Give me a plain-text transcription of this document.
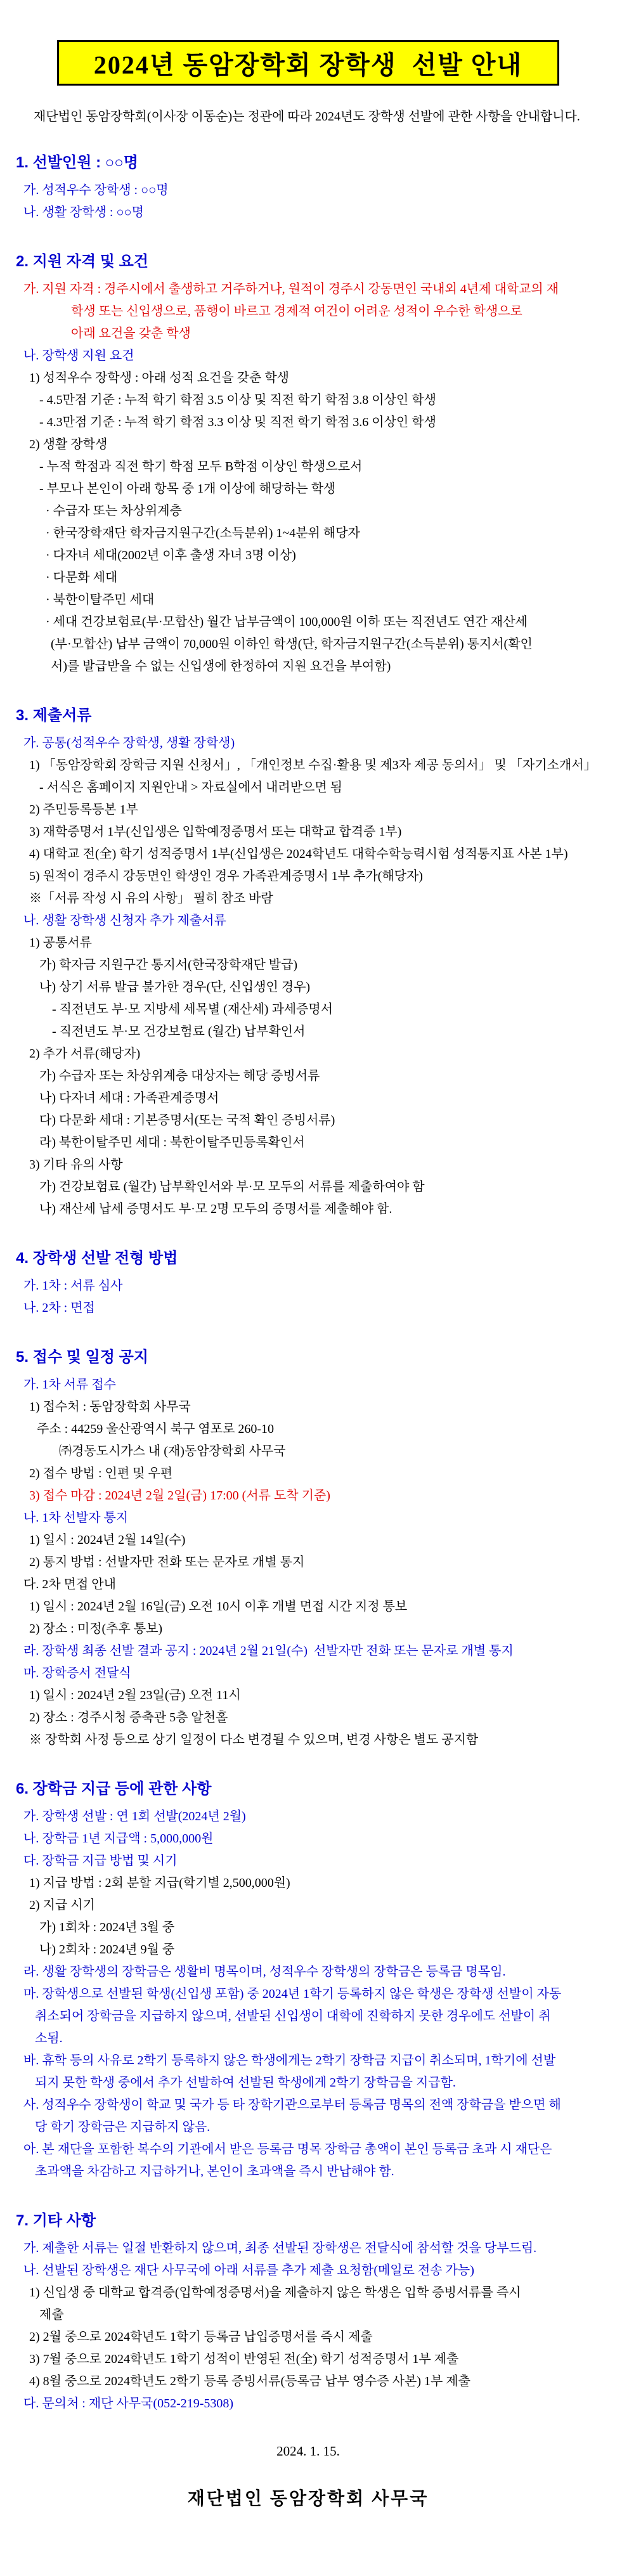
2024년 동암장학회 장학생  선발 안내
재단법인 동암장학회(이사장 이동순)는 정관에 따라 2024년도 장학생 선발에 관한 사항을 안내합니다.
1. 선발인원 : ○○명
가. 성적우수 장학생 : ○○명
나. 생활 장학생 : ○○명
2. 지원 자격 및 요건
가. 지원 자격 : 경주시에서 출생하고 거주하거나, 원적이 경주시 강동면인 국내외 4년제 대학교의 재
학생 또는 신입생으로, 품행이 바르고 경제적 여건이 어려운 성적이 우수한 학생으로
아래 요건을 갖춘 학생
나. 장학생 지원 요건
1) 성적우수 장학생 : 아래 성적 요건을 갖춘 학생
- 4.5만점 기준 : 누적 학기 학점 3.5 이상 및 직전 학기 학점 3.8 이상인 학생
- 4.3만점 기준 : 누적 학기 학점 3.3 이상 및 직전 학기 학점 3.6 이상인 학생
2) 생활 장학생
- 누적 학점과 직전 학기 학점 모두 B학점 이상인 학생으로서
- 부모나 본인이 아래 항목 중 1개 이상에 해당하는 학생
· 수급자 또는 차상위계층
· 한국장학재단 학자금지원구간(소득분위) 1~4분위 해당자
· 다자녀 세대(2002년 이후 출생 자녀 3명 이상)
· 다문화 세대
· 북한이탈주민 세대
· 세대 건강보험료(부·모합산) 월간 납부금액이 100,000원 이하 또는 직전년도 연간 재산세
(부·모합산) 납부 금액이 70,000원 이하인 학생(단, 학자금지원구간(소득분위) 통지서(확인
서)를 발급받을 수 없는 신입생에 한정하여 지원 요건을 부여함)
3. 제출서류
가. 공통(성적우수 장학생, 생활 장학생)
1) 「동암장학회 장학금 지원 신청서」, 「개인정보 수집·활용 및 제3자 제공 동의서」 및 「자기소개서」
- 서식은 홈페이지 지원안내 > 자료실에서 내려받으면 됨
2) 주민등록등본 1부
3) 재학증명서 1부(신입생은 입학예정증명서 또는 대학교 합격증 1부)
4) 대학교 전(全) 학기 성적증명서 1부(신입생은 2024학년도 대학수학능력시험 성적통지표 사본 1부)
5) 원적이 경주시 강동면인 학생인 경우 가족관계증명서 1부 추가(해당자)
※「서류 작성 시 유의 사항」 필히 참조 바람
나. 생활 장학생 신청자 추가 제출서류
1) 공통서류
가) 학자금 지원구간 통지서(한국장학재단 발급)
나) 상기 서류 발급 불가한 경우(단, 신입생인 경우)
- 직전년도 부·모 지방세 세목별 (재산세) 과세증명서
- 직전년도 부·모 건강보험료 (월간) 납부확인서
2) 추가 서류(해당자)
가) 수급자 또는 차상위계층 대상자는 해당 증빙서류
나) 다자녀 세대 : 가족관계증명서
다) 다문화 세대 : 기본증명서(또는 국적 확인 증빙서류)
라) 북한이탈주민 세대 : 북한이탈주민등록확인서
3) 기타 유의 사항
가) 건강보험료 (월간) 납부확인서와 부·모 모두의 서류를 제출하여야 함
나) 재산세 납세 증명서도 부·모 2명 모두의 증명서를 제출해야 함.
4. 장학생 선발 전형 방법
가. 1차 : 서류 심사
나. 2차 : 면접
5. 접수 및 일정 공지
가. 1차 서류 접수
1) 접수처 : 동암장학회 사무국
주소 : 44259 울산광역시 북구 염포로 260-10
㈜경동도시가스 내 (재)동암장학회 사무국
2) 접수 방법 : 인편 및 우편
3) 접수 마감 : 2024년 2월 2일(금) 17:00 (서류 도착 기준)
나. 1차 선발자 통지
1) 일시 : 2024년 2월 14일(수)
2) 통지 방법 : 선발자만 전화 또는 문자로 개별 통지
다. 2차 면접 안내
1) 일시 : 2024년 2월 16일(금) 오전 10시 이후 개별 면접 시간 지정 통보
2) 장소 : 미정(추후 통보)
라. 장학생 최종 선발 결과 공지 : 2024년 2월 21일(수)  선발자만 전화 또는 문자로 개별 통지
마. 장학증서 전달식
1) 일시 : 2024년 2월 23일(금) 오전 11시
2) 장소 : 경주시청 증축관 5층 알천홀
※ 장학회 사정 등으로 상기 일정이 다소 변경될 수 있으며, 변경 사항은 별도 공지함
6. 장학금 지급 등에 관한 사항
가. 장학생 선발 : 연 1회 선발(2024년 2월)
나. 장학금 1년 지급액 : 5,000,000원
다. 장학금 지급 방법 및 시기
1) 지급 방법 : 2회 분할 지급(학기별 2,500,000원)
2) 지급 시기
가) 1회차 : 2024년 3월 중
나) 2회차 : 2024년 9월 중
라. 생활 장학생의 장학금은 생활비 명목이며, 성적우수 장학생의 장학금은 등록금 명목임.
마. 장학생으로 선발된 학생(신입생 포함) 중 2024년 1학기 등록하지 않은 학생은 장학생 선발이 자동
취소되어 장학금을 지급하지 않으며, 선발된 신입생이 대학에 진학하지 못한 경우에도 선발이 취
소됨.
바. 휴학 등의 사유로 2학기 등록하지 않은 학생에게는 2학기 장학금 지급이 취소되며, 1학기에 선발
되지 못한 학생 중에서 추가 선발하여 선발된 학생에게 2학기 장학금을 지급함.
사. 성적우수 장학생이 학교 및 국가 등 타 장학기관으로부터 등록금 명목의 전액 장학금을 받으면 해
당 학기 장학금은 지급하지 않음.
아. 본 재단을 포함한 복수의 기관에서 받은 등록금 명목 장학금 총액이 본인 등록금 초과 시 재단은
초과액을 차감하고 지급하거나, 본인이 초과액을 즉시 반납해야 함.
7. 기타 사항
가. 제출한 서류는 일절 반환하지 않으며, 최종 선발된 장학생은 전달식에 참석할 것을 당부드림.
나. 선발된 장학생은 재단 사무국에 아래 서류를 추가 제출 요청함(메일로 전송 가능)
1) 신입생 중 대학교 합격증(입학예정증명서)을 제출하지 않은 학생은 입학 증빙서류를 즉시
제출
2) 2월 중으로 2024학년도 1학기 등록금 납입증명서를 즉시 제출
3) 7월 중으로 2024학년도 1학기 성적이 반영된 전(全) 학기 성적증명서 1부 제출
4) 8월 중으로 2024학년도 2학기 등록 증빙서류(등록금 납부 영수증 사본) 1부 제출
다. 문의처 : 재단 사무국(052-219-5308)
2024. 1. 15.
재단법인 동암장학회 사무국
